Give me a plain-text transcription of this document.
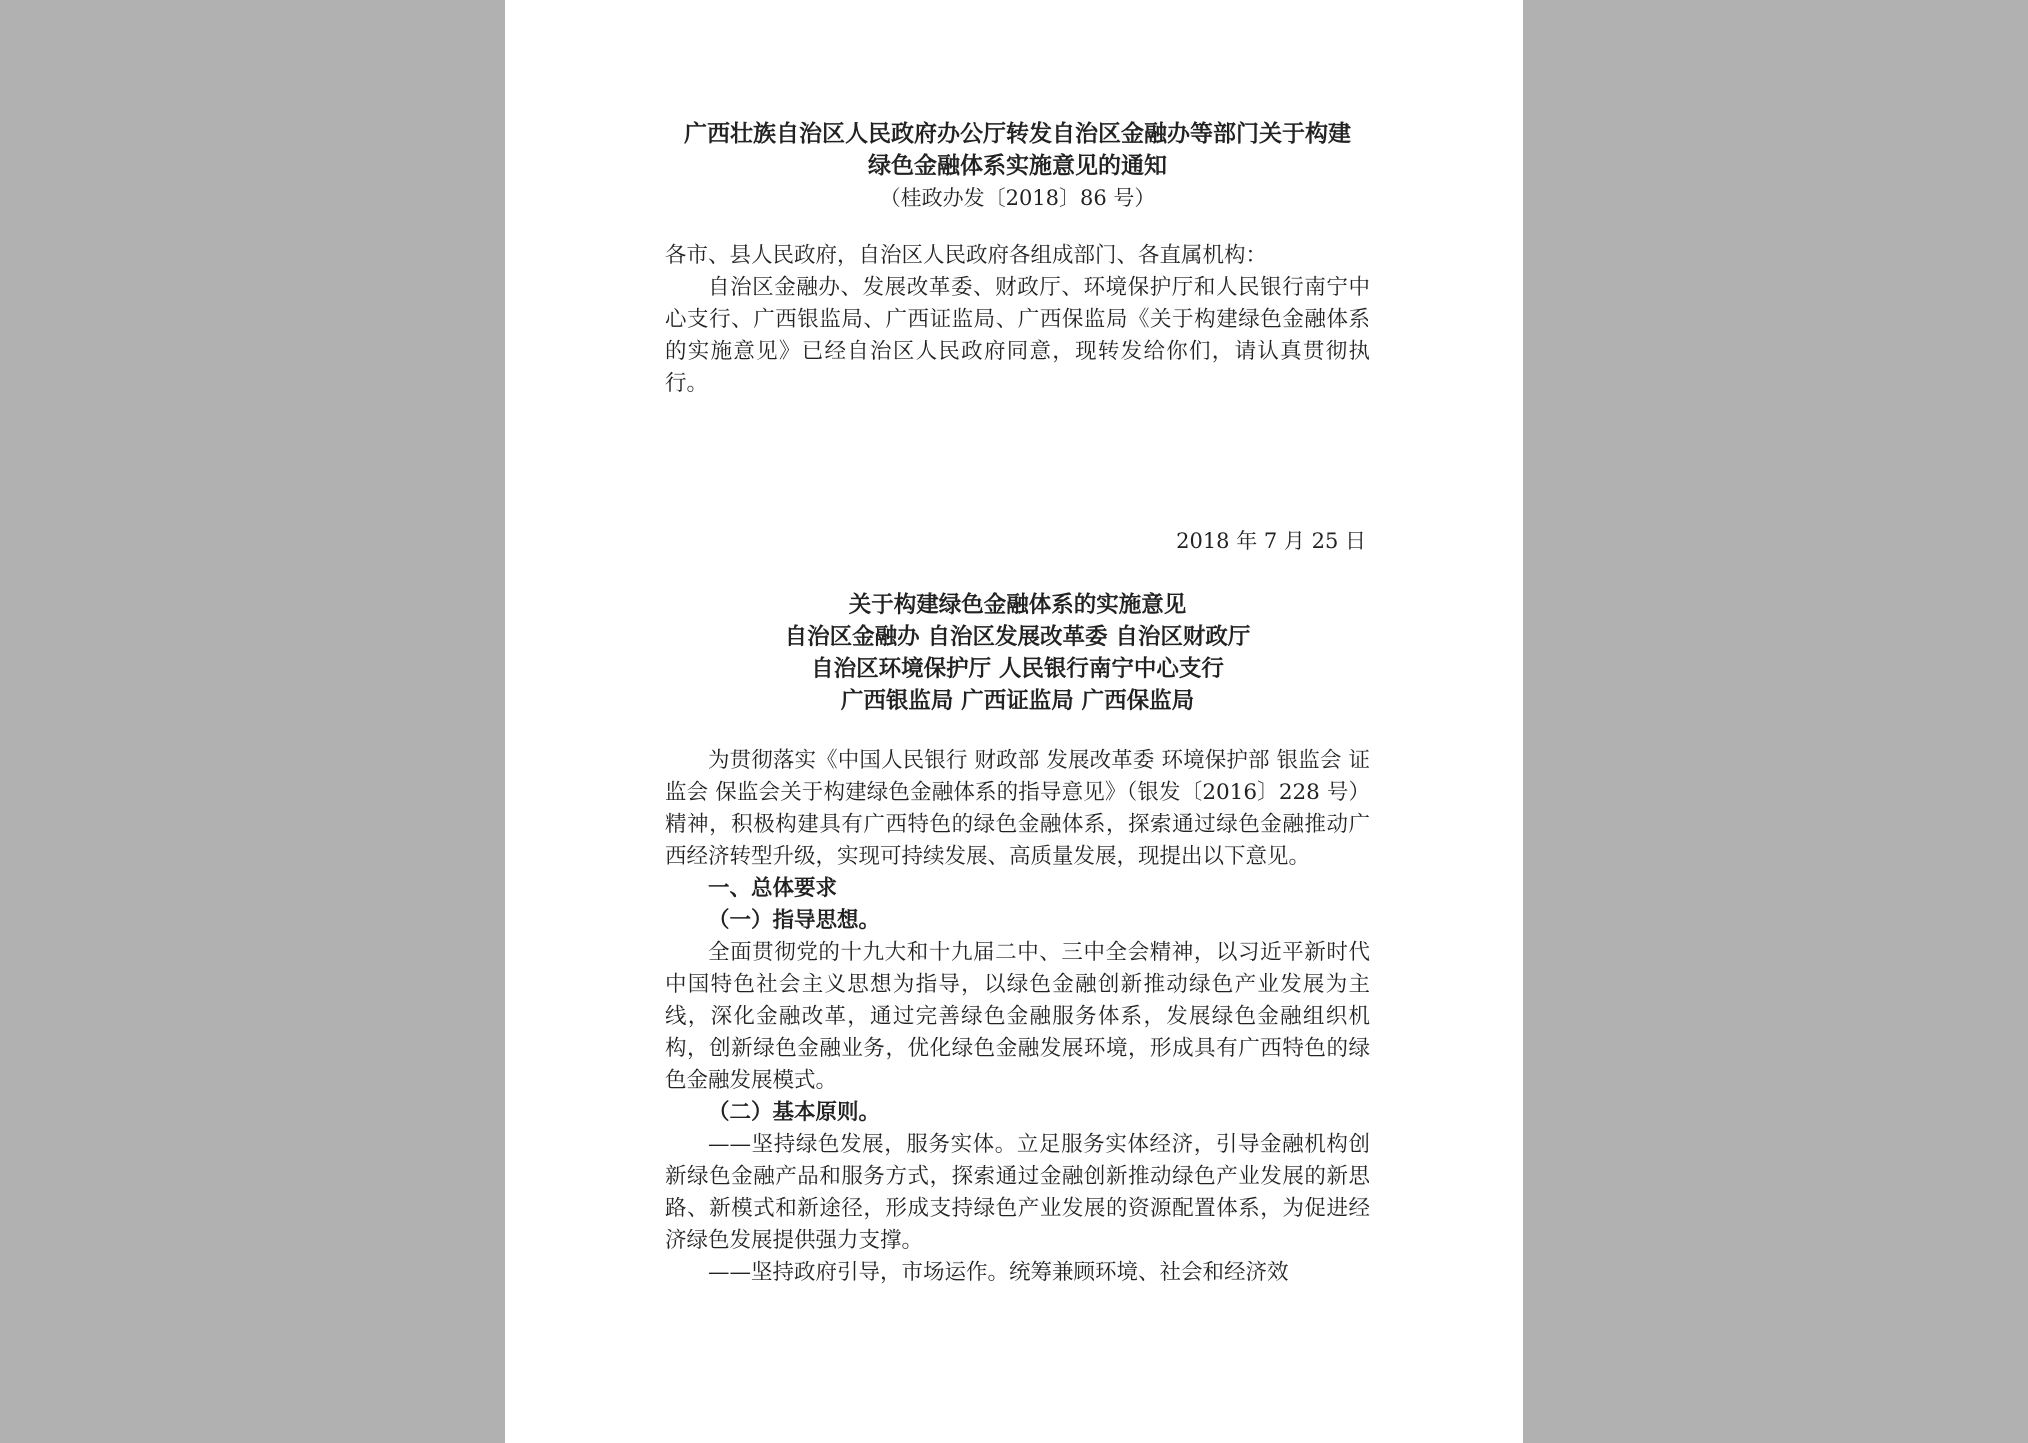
广西壮族自治区人民政府办公厅转发自治区金融办等部门关于构建

绿色金融体系实施意见的通知

（桂政办发〔2018〕86 号）

各市、县人民政府，自治区人民政府各组成部门、各直属机构：

自治区金融办、发展改革委、财政厅、环境保护厅和人民银行南宁中心支行、广西银监局、广西证监局、广西保监局《关于构建绿色金融体系的实施意见》已经自治区人民政府同意，现转发给你们，请认真贯彻执行。

2018 年 7 月 25 日

关于构建绿色金融体系的实施意见

自治区金融办 自治区发展改革委 自治区财政厅

自治区环境保护厅 人民银行南宁中心支行

广西银监局 广西证监局 广西保监局

为贯彻落实《中国人民银行 财政部 发展改革委 环境保护部 银监会 证监会 保监会关于构建绿色金融体系的指导意见》（银发〔2016〕228 号）精神，积极构建具有广西特色的绿色金融体系，探索通过绿色金融推动广西经济转型升级，实现可持续发展、高质量发展，现提出以下意见。

一、总体要求

（一）指导思想。

全面贯彻党的十九大和十九届二中、三中全会精神，以习近平新时代中国特色社会主义思想为指导，以绿色金融创新推动绿色产业发展为主线，深化金融改革，通过完善绿色金融服务体系，发展绿色金融组织机构，创新绿色金融业务，优化绿色金融发展环境，形成具有广西特色的绿色金融发展模式。

（二）基本原则。

——坚持绿色发展，服务实体。立足服务实体经济，引导金融机构创新绿色金融产品和服务方式，探索通过金融创新推动绿色产业发展的新思路、新模式和新途径，形成支持绿色产业发展的资源配置体系，为促进经济绿色发展提供强力支撑。

——坚持政府引导，市场运作。统筹兼顾环境、社会和经济效
